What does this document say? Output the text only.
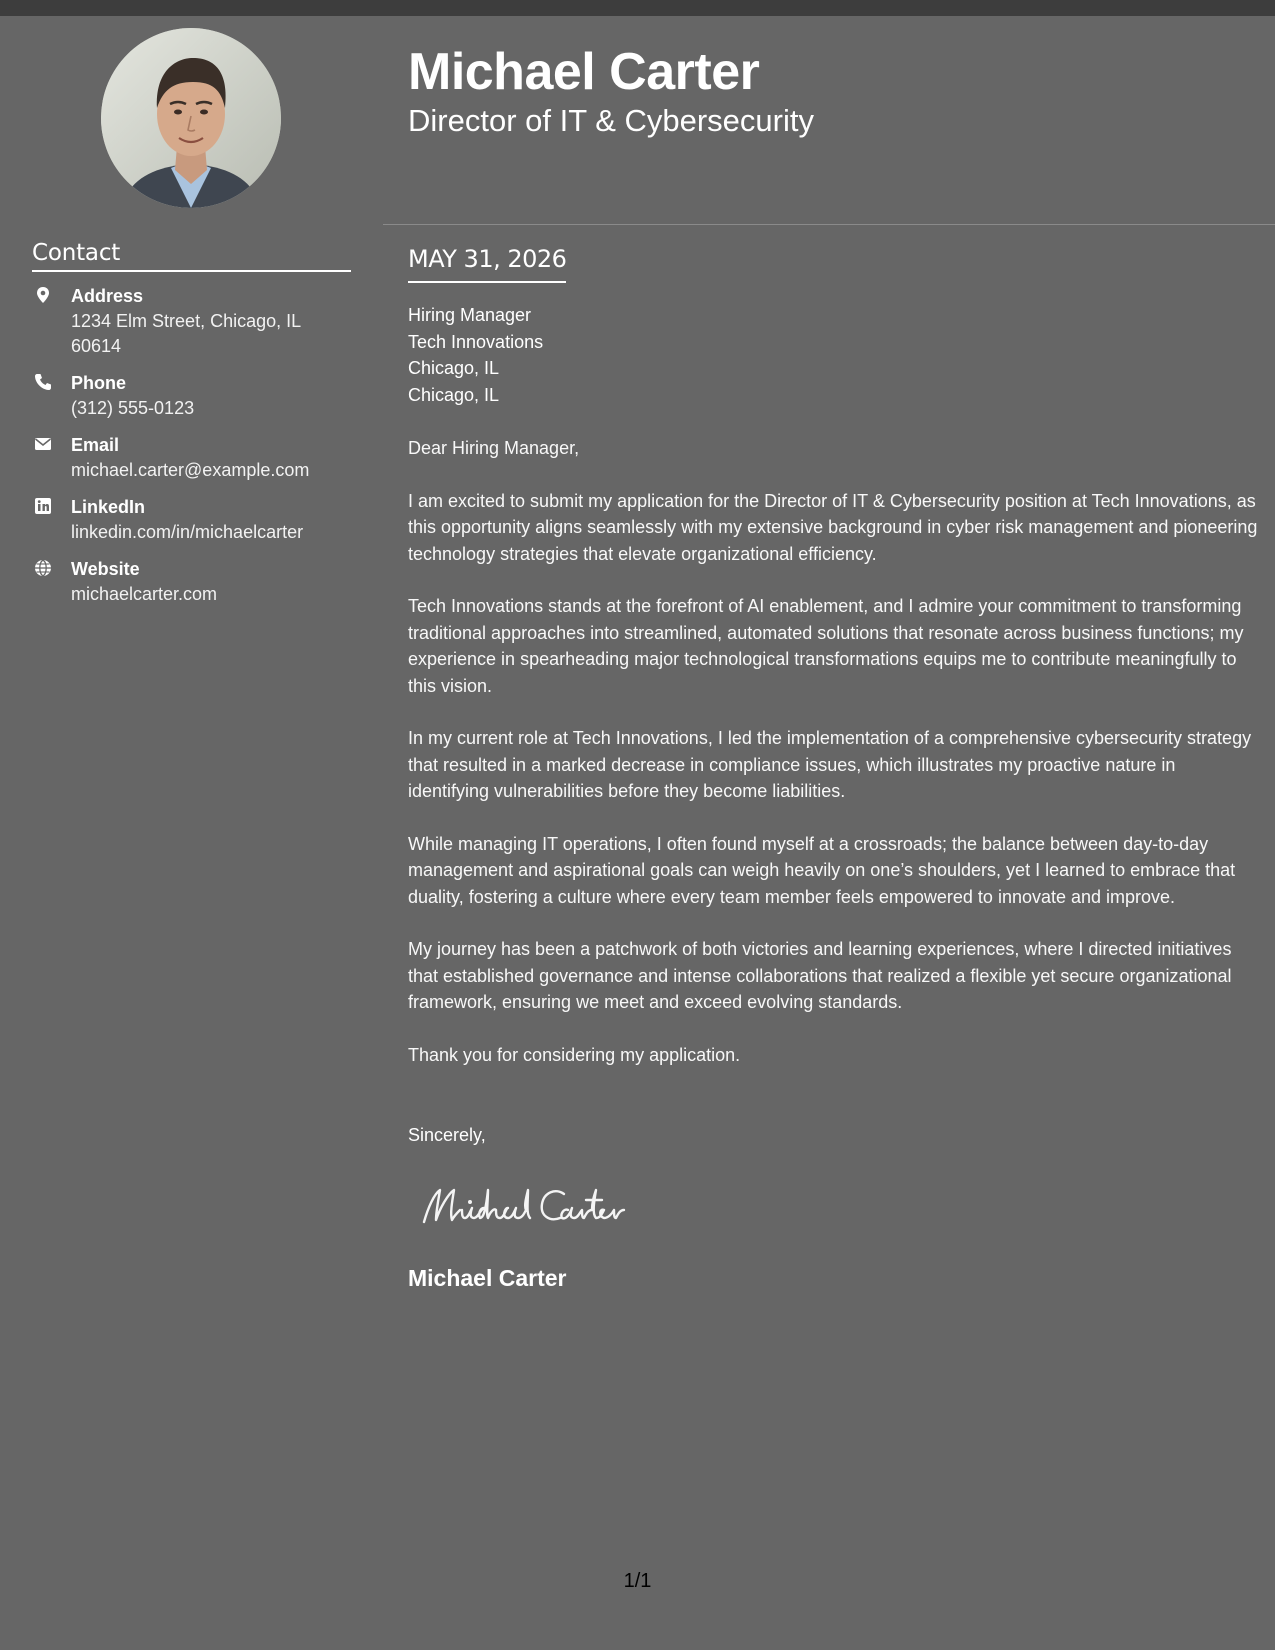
Contact
Address
1234 Elm Street, Chicago, IL 60614
Phone
(312) 555-0123
Email
michael.carter@example.com
LinkedIn
linkedin.com/in/michaelcarter
Website
michaelcarter.com
Michael Carter
Director of IT & Cybersecurity
MAY 31, 2026
Hiring Manager
Tech Innovations
Chicago, IL
Chicago, IL

Dear Hiring Manager,

I am excited to submit my application for the Director of IT & Cybersecurity position at Tech Innovations, as this opportunity aligns seamlessly with my extensive background in cyber risk management and pioneering technology strategies that elevate organizational efficiency.

Tech Innovations stands at the forefront of AI enablement, and I admire your commitment to transforming traditional approaches into streamlined, automated solutions that resonate across business functions; my experience in spearheading major technological transformations equips me to contribute meaningfully to this vision.

In my current role at Tech Innovations, I led the implementation of a comprehensive cybersecurity strategy that resulted in a marked decrease in compliance issues, which illustrates my proactive nature in identifying vulnerabilities before they become liabilities.

While managing IT operations, I often found myself at a crossroads; the balance between day-to-day management and aspirational goals can weigh heavily on one’s shoulders, yet I learned to embrace that duality, fostering a culture where every team member feels empowered to innovate and improve.

My journey has been a patchwork of both victories and learning experiences, where I directed initiatives that established governance and intense collaborations that realized a flexible yet secure organizational framework, ensuring we meet and exceed evolving standards.

Thank you for considering my application.

Sincerely,
Michael Carter
1/1
